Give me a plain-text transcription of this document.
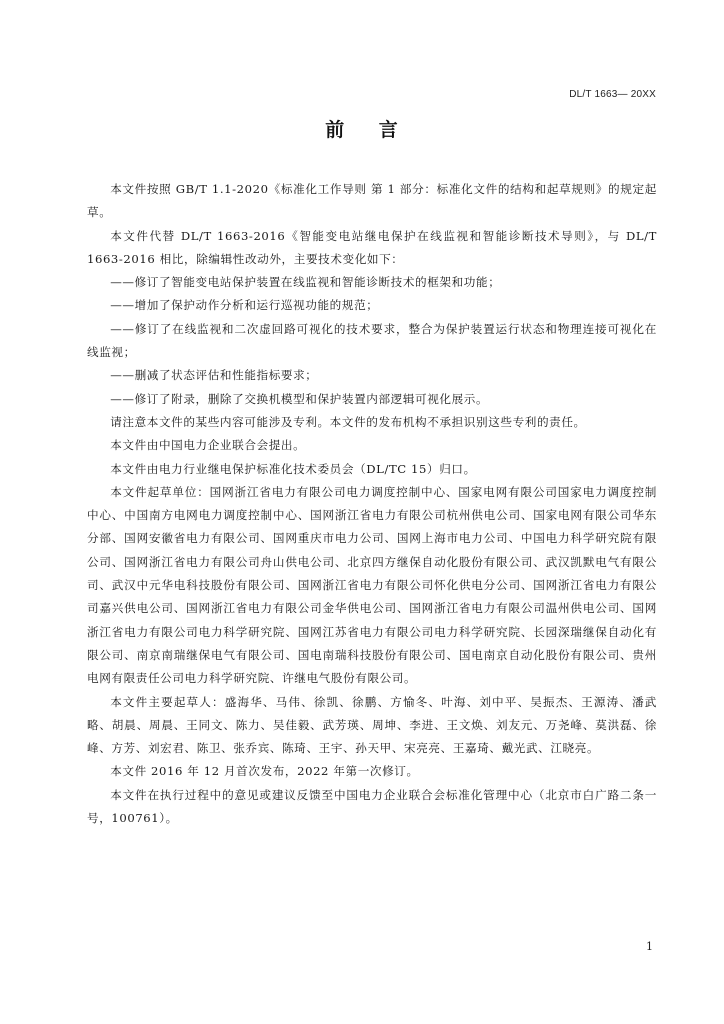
DL/T 1663— 20XX
前 言

本文件按照 GB/T 1.1-2020《标准化工作导则 第 1 部分：标准化文件的结构和起草规则》的规定起草。

本文件代替 DL/T 1663-2016《智能变电站继电保护在线监视和智能诊断技术导则》，与 DL/T 1663-2016 相比，除编辑性改动外，主要技术变化如下：

——修订了智能变电站保护装置在线监视和智能诊断技术的框架和功能；

——增加了保护动作分析和运行巡视功能的规范；

——修订了在线监视和二次虚回路可视化的技术要求，整合为保护装置运行状态和物理连接可视化在线监视；

——删减了状态评估和性能指标要求；

——修订了附录，删除了交换机模型和保护装置内部逻辑可视化展示。

请注意本文件的某些内容可能涉及专利。本文件的发布机构不承担识别这些专利的责任。

本文件由中国电力企业联合会提出。

本文件由电力行业继电保护标准化技术委员会（DL/TC 15）归口。

本文件起草单位：国网浙江省电力有限公司电力调度控制中心、国家电网有限公司国家电力调度控制中心、中国南方电网电力调度控制中心、国网浙江省电力有限公司杭州供电公司、国家电网有限公司华东分部、国网安徽省电力有限公司、国网重庆市电力公司、国网上海市电力公司、中国电力科学研究院有限公司、国网浙江省电力有限公司舟山供电公司、北京四方继保自动化股份有限公司、武汉凯默电气有限公司、武汉中元华电科技股份有限公司、国网浙江省电力有限公司怀化供电分公司、国网浙江省电力有限公司嘉兴供电公司、国网浙江省电力有限公司金华供电公司、国网浙江省电力有限公司温州供电公司、国网浙江省电力有限公司电力科学研究院、国网江苏省电力有限公司电力科学研究院、长园深瑞继保自动化有限公司、南京南瑞继保电气有限公司、国电南瑞科技股份有限公司、国电南京自动化股份有限公司、贵州电网有限责任公司电力科学研究院、许继电气股份有限公司。

本文件主要起草人：盛海华、马伟、徐凯、徐鹏、方愉冬、叶海、刘中平、吴振杰、王源涛、潘武略、胡晨、周晨、王同文、陈力、吴佳毅、武芳瑛、周坤、李进、王文焕、刘友元、万尧峰、莫洪磊、徐峰、方芳、刘宏君、陈卫、张乔宾、陈琦、王宇、孙天甲、宋亮亮、王嘉琦、戴光武、江晓亮。

本文件 2016 年 12 月首次发布，2022 年第一次修订。

本文件在执行过程中的意见或建议反馈至中国电力企业联合会标准化管理中心（北京市白广路二条一号，100761）。

1
